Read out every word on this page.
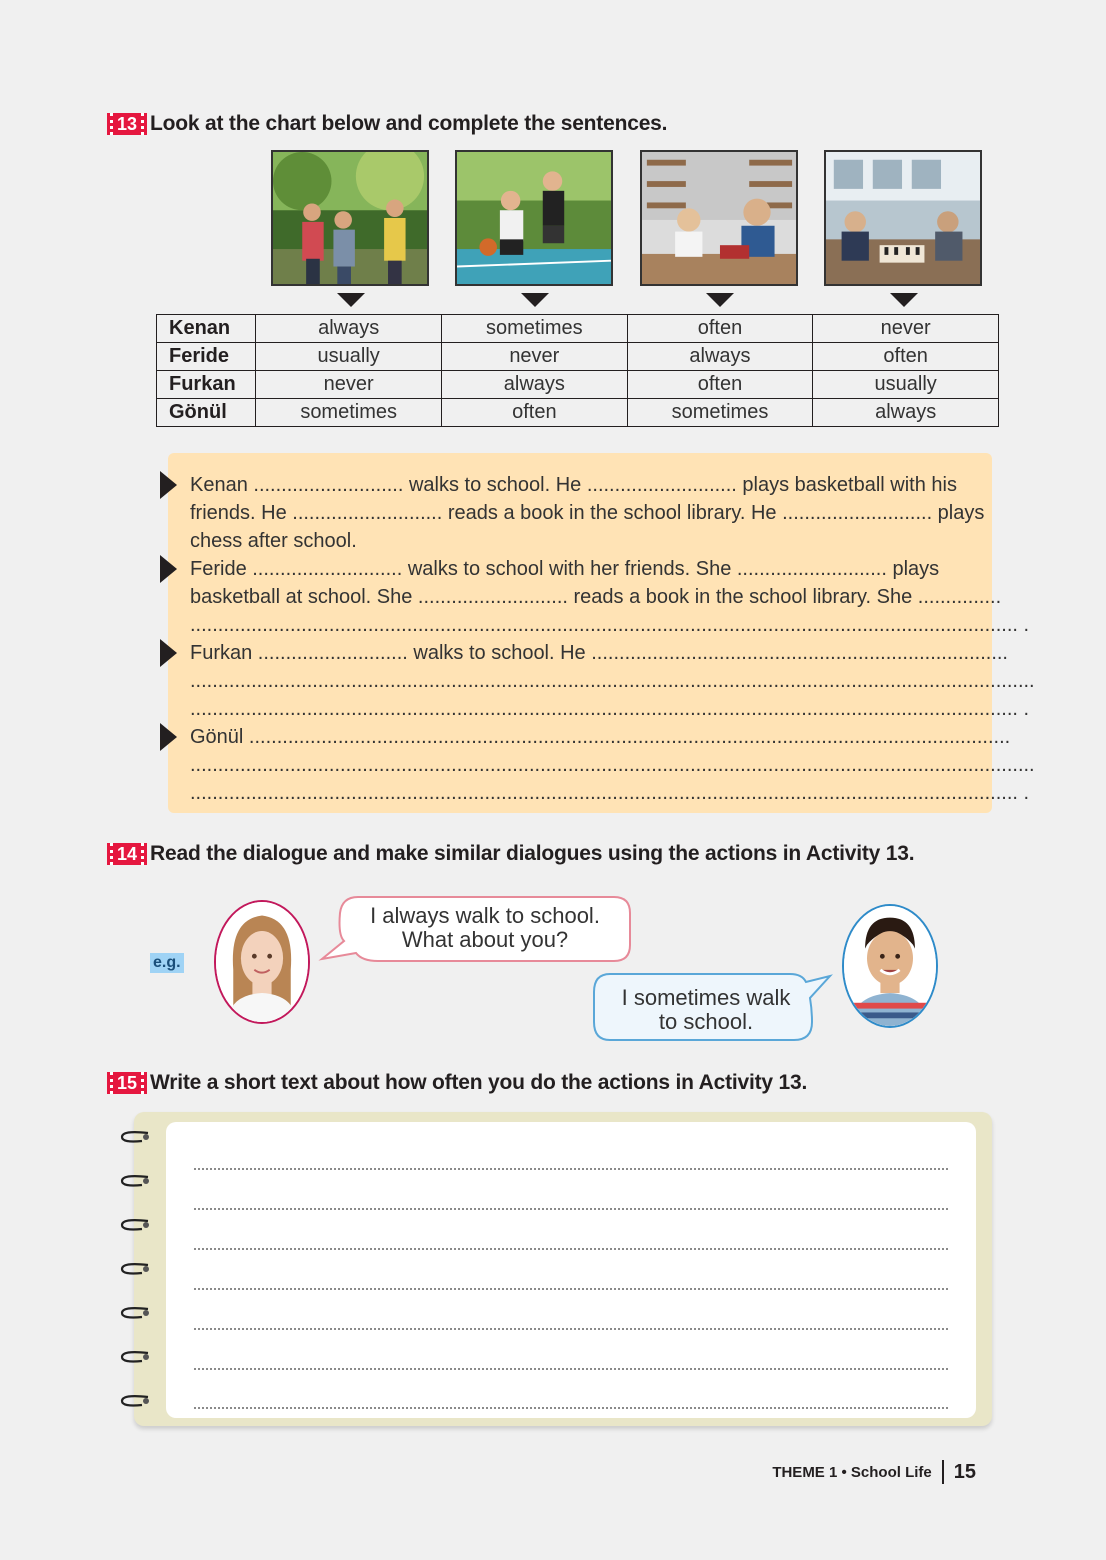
13 Look at the chart below and complete the sentences.
Kenan	always	sometimes	often	never
Feride	usually	never	always	often
Furkan	never	always	often	usually
Gönül	sometimes	often	sometimes	always
Kenan ........................... walks to school. He ........................... plays basketball with his
friends. He ........................... reads a book in the school library. He ........................... plays
chess after school.
Feride ........................... walks to school with her friends. She ........................... plays
basketball at school. She ........................... reads a book in the school library. She ...............
..................................................................................................................................................... .
Furkan ........................... walks to school. He ...........................................................................
........................................................................................................................................................
..................................................................................................................................................... .
Gönül .........................................................................................................................................
........................................................................................................................................................
..................................................................................................................................................... .
14 Read the dialogue and make similar dialogues using the actions in Activity 13.
e.g.
I always walk to school.
What about you?
I sometimes walk
to school.
15 Write a short text about how often you do the actions in Activity 13.
THEME 1 • School Life 15
